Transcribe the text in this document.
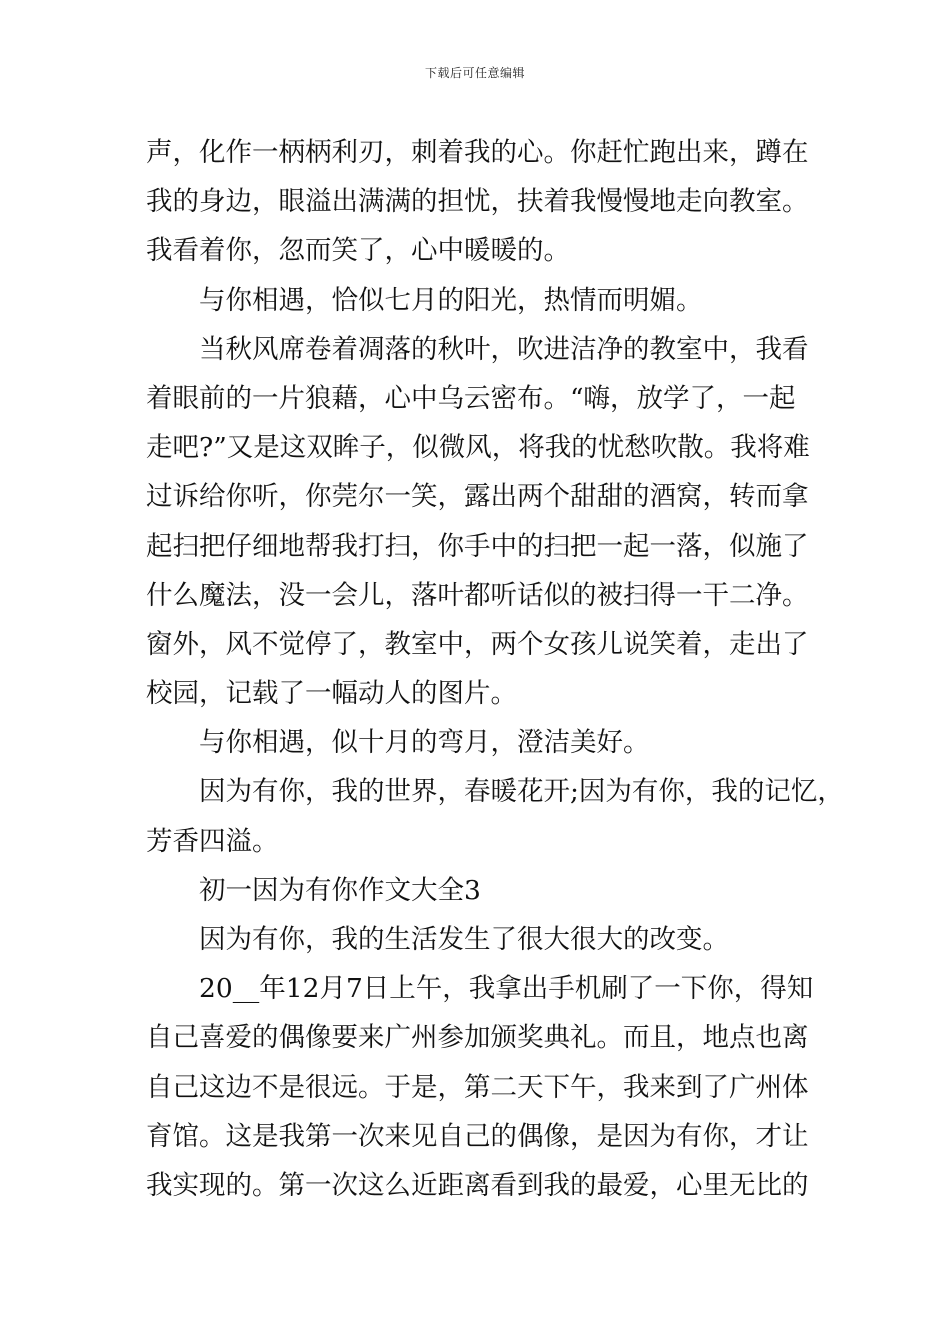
下载后可任意编辑
声，化作一柄柄利刃，刺着我的心。你赶忙跑出来，蹲在
我的身边，眼溢出满满的担忧，扶着我慢慢地走向教室。
我看着你，忽而笑了，心中暖暖的。
与你相遇，恰似七月的阳光，热情而明媚。
当秋风席卷着凋落的秋叶，吹进洁净的教室中，我看
着眼前的一片狼藉，心中乌云密布。“嗨，放学了，一起
走吧?”又是这双眸子，似微风，将我的忧愁吹散。我将难
过诉给你听，你莞尔一笑，露出两个甜甜的酒窝，转而拿
起扫把仔细地帮我打扫，你手中的扫把一起一落，似施了
什么魔法，没一会儿，落叶都听话似的被扫得一干二净。
窗外，风不觉停了，教室中，两个女孩儿说笑着，走出了
校园，记载了一幅动人的图片。
与你相遇，似十月的弯月，澄洁美好。
因为有你，我的世界，春暖花开;因为有你，我的记忆，
芳香四溢。
初一因为有你作文大全3
因为有你，我的生活发生了很大很大的改变。
20__年12月7日上午，我拿出手机刷了一下你，得知
自己喜爱的偶像要来广州参加颁奖典礼。而且，地点也离
自己这边不是很远。于是，第二天下午，我来到了广州体
育馆。这是我第一次来见自己的偶像，是因为有你，才让
我实现的。第一次这么近距离看到我的最爱，心里无比的
